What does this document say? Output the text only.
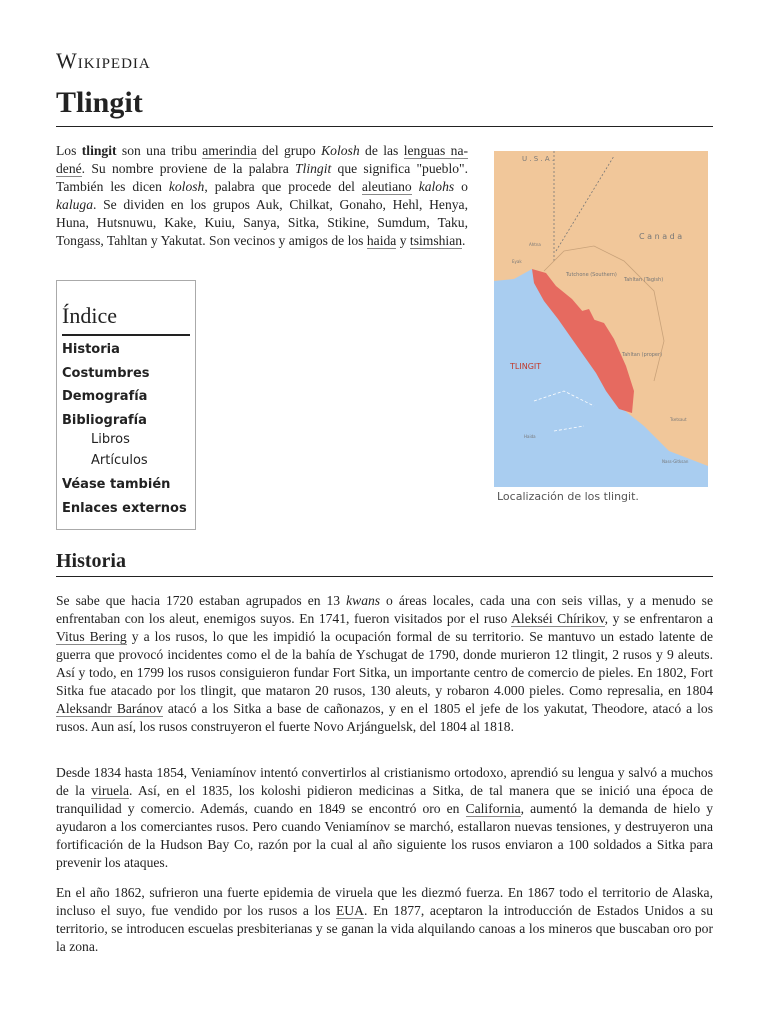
Wikipedia
Tlingit
Los tlingit son una tribu amerindia del grupo Kolosh de las lenguas na-dené. Su nombre proviene de la palabra Tlingit que significa "pueblo". También les dicen kolosh, palabra que procede del aleutiano kalohs o kaluga. Se dividen en los grupos Auk, Chilkat, Gonaho, Hehl, Henya, Huna, Hutsnuwu, Kake, Kuiu, Sanya, Sitka, Stikine, Sumdum, Taku, Tongass, Tahltan y Yakutat. Son vecinos y amigos de los haida y tsimshian.
Índice
Historia
Costumbres
Demografía
Bibliografía
Libros
Artículos
Véase también
Enlaces externos
U . S . A .
C a n a d a
TLINGIT
Tutchone (Southern)
Tahltan (Tagish)
Tahltan (proper)
Eyak
Ahtna
Tsetsaut
Nass-Gitksan
Haida
Localización de los tlingit.
Historia
Se sabe que hacia 1720 estaban agrupados en 13 kwans o áreas locales, cada una con seis villas, y a menudo se enfrentaban con los aleut, enemigos suyos. En 1741, fueron visitados por el ruso Alekséi Chírikov, y se enfrentaron a Vitus Bering y a los rusos, lo que les impidió la ocupación formal de su territorio. Se mantuvo un estado latente de guerra que provocó incidentes como el de la bahía de Yschugat de 1790, donde murieron 12 tlingit, 2 rusos y 9 aleuts. Así y todo, en 1799 los rusos consiguieron fundar Fort Sitka, un importante centro de comercio de pieles. En 1802, Fort Sitka fue atacado por los tlingit, que mataron 20 rusos, 130 aleuts, y robaron 4.000 pieles. Como represalia, en 1804 Aleksandr Baránov atacó a los Sitka a base de cañonazos, y en el 1805 el jefe de los yakutat, Theodore, atacó a los rusos. Aun así, los rusos construyeron el fuerte Novo Arjánguelsk, del 1804 al 1818.
Desde 1834 hasta 1854, Veniamínov intentó convertirlos al cristianismo ortodoxo, aprendió su lengua y salvó a muchos de la viruela. Así, en el 1835, los koloshi pidieron medicinas a Sitka, de tal manera que se inició una época de tranquilidad y comercio. Además, cuando en 1849 se encontró oro en California, aumentó la demanda de hielo y ayudaron a los comerciantes rusos. Pero cuando Veniamínov se marchó, estallaron nuevas tensiones, y destruyeron una fortificación de la Hudson Bay Co, razón por la cual al año siguiente los rusos enviaron a 100 soldados a Sitka para prevenir los ataques.
En el año 1862, sufrieron una fuerte epidemia de viruela que les diezmó fuerza. En 1867 todo el territorio de Alaska, incluso el suyo, fue vendido por los rusos a los EUA. En 1877, aceptaron la introducción de Estados Unidos a su territorio, se introducen escuelas presbiterianas y se ganan la vida alquilando canoas a los mineros que buscaban oro por la zona.
